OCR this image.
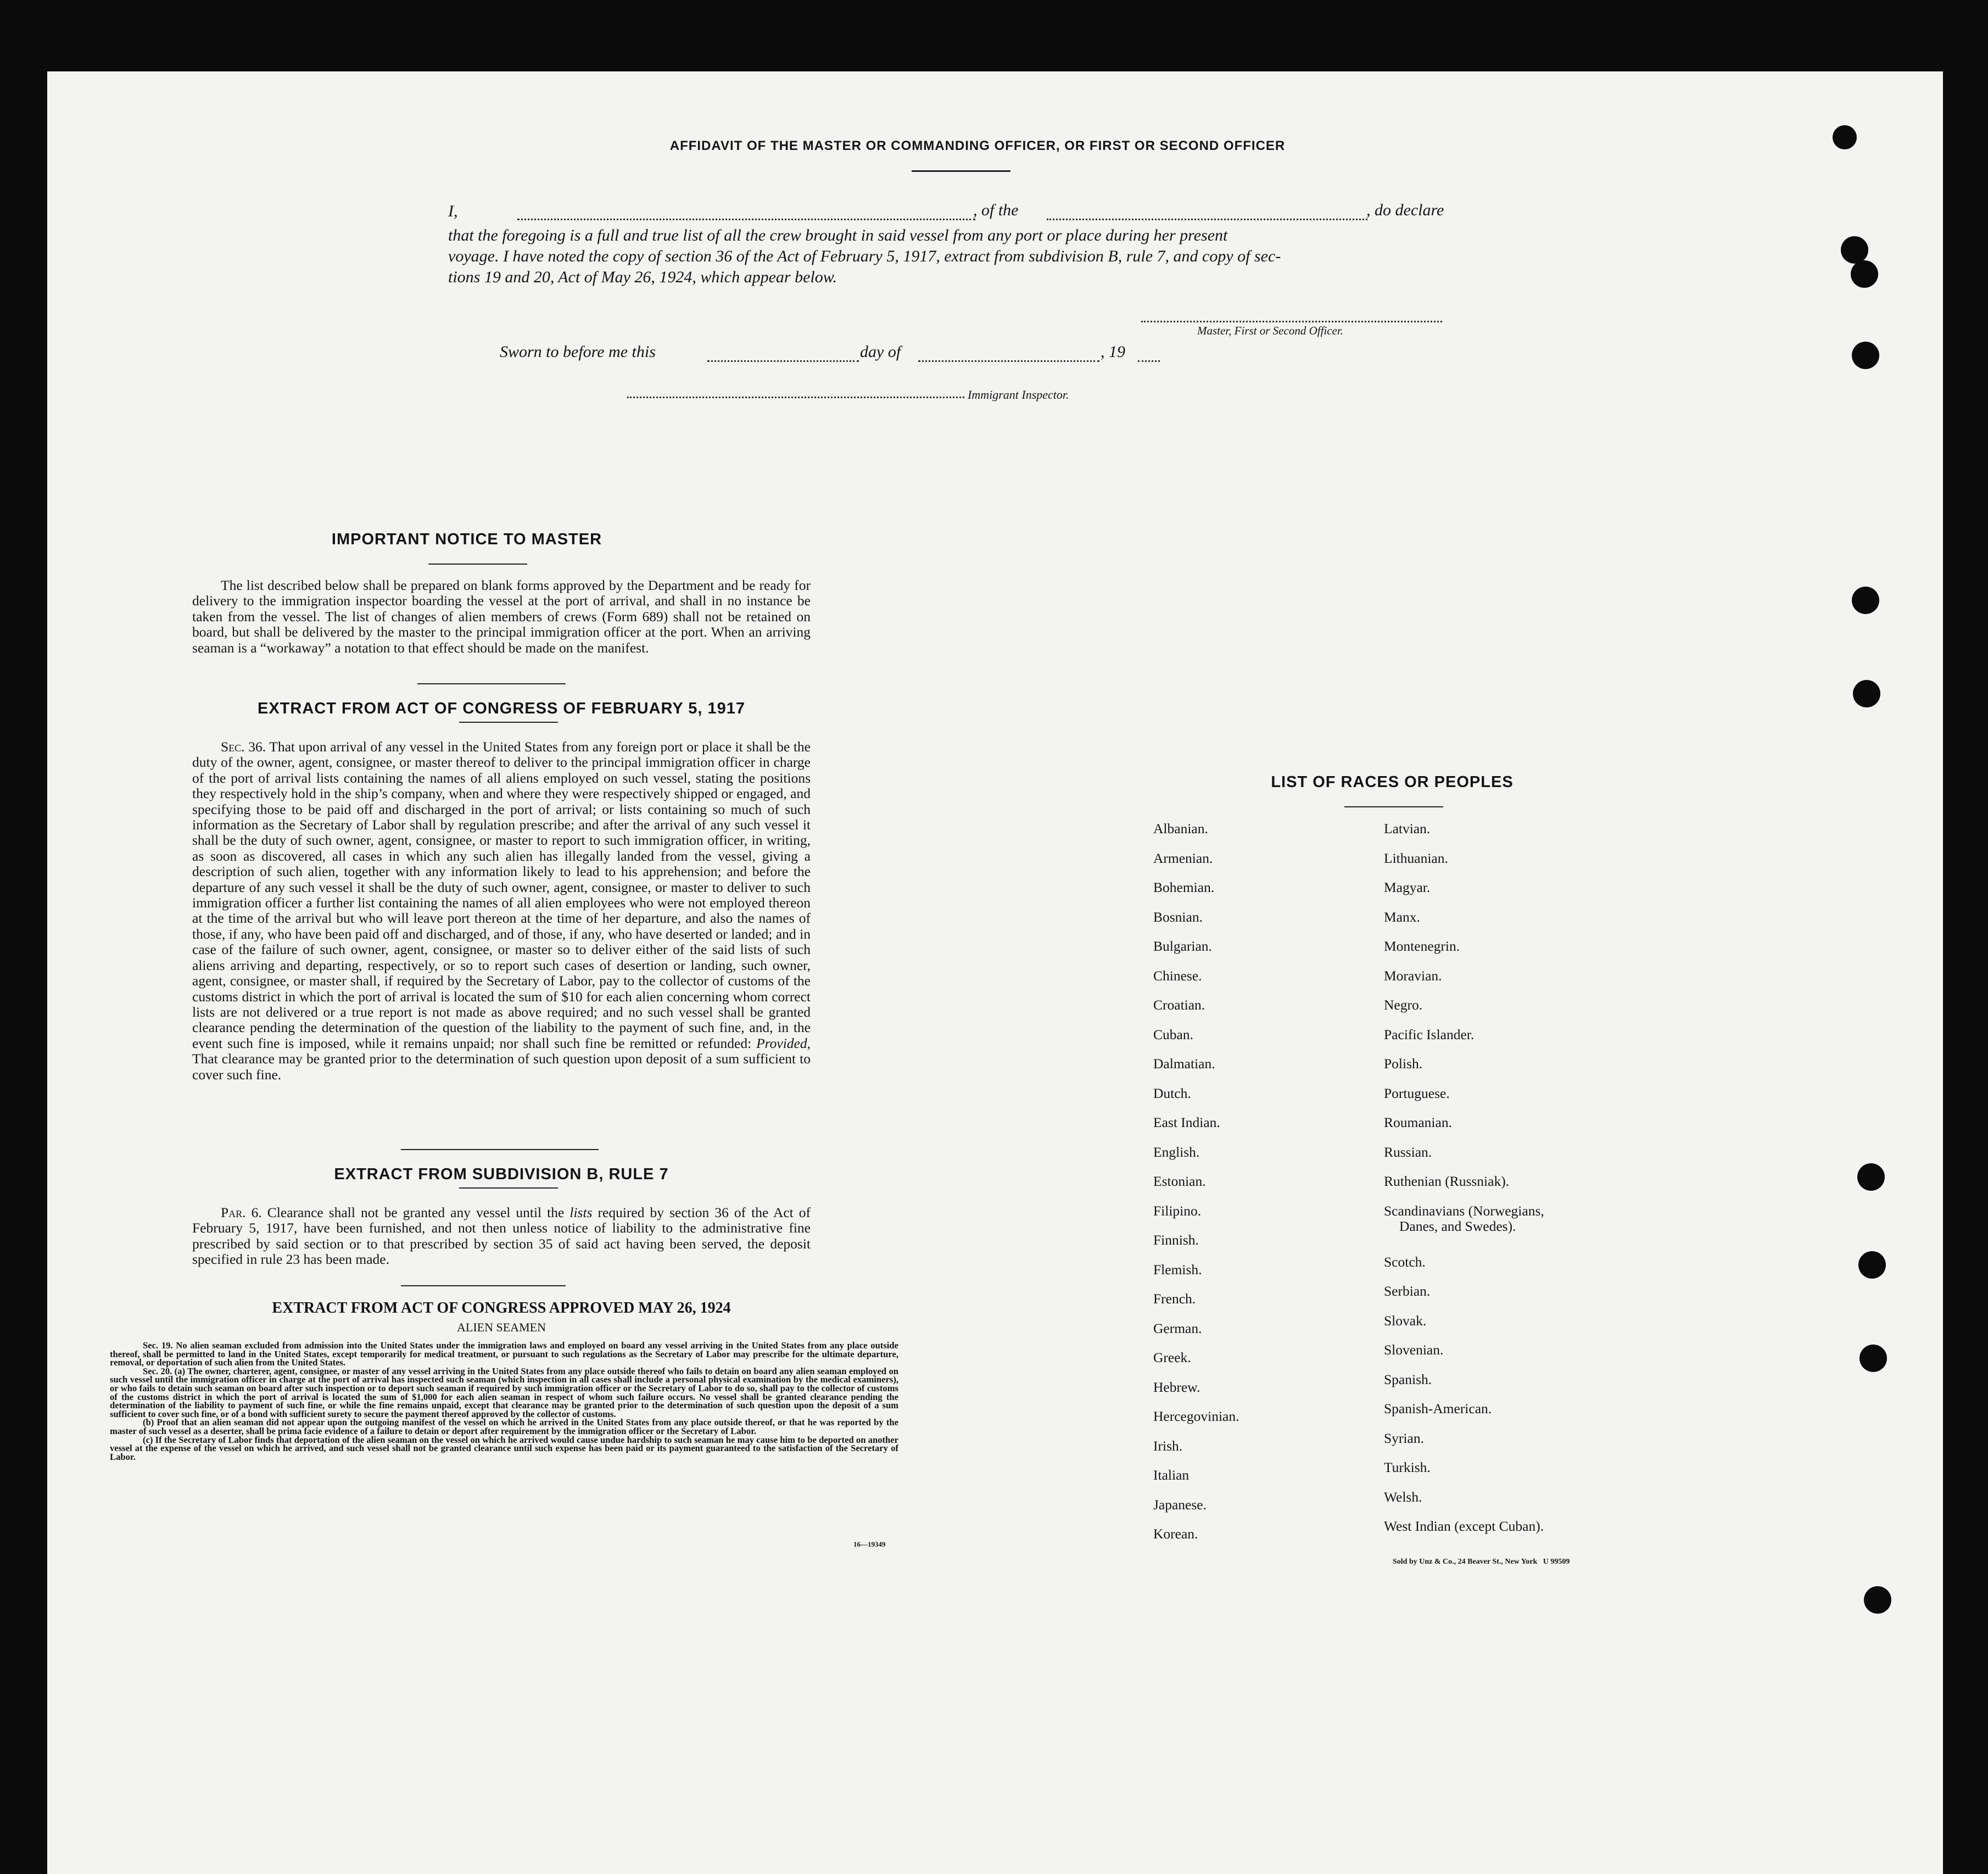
AFFIDAVIT OF THE MASTER OR COMMANDING OFFICER, OR FIRST OR SECOND OFFICER
I,	, of the	, do declare
that the foregoing is a full and true list of all the crew brought in said vessel from any port or place during her present
voyage. I have noted the copy of section 36 of the Act of February 5, 1917, extract from subdivision B, rule 7, and copy of sec-
tions 19 and 20, Act of May 26, 1924, which appear below.
Master, First or Second Officer.
Sworn to before me this	day of	, 19
Immigrant Inspector.
IMPORTANT NOTICE TO MASTER
The list described below shall be prepared on blank forms approved by the Department and be ready for delivery to the immigration inspector boarding the vessel at the port of arrival, and shall in no instance be taken from the vessel. The list of changes of alien members of crews (Form 689) shall not be retained on board, but shall be delivered by the master to the principal immigration officer at the port. When an arriving seaman is a “workaway” a notation to that effect should be made on the manifest.
EXTRACT FROM ACT OF CONGRESS OF FEBRUARY 5, 1917
Sec. 36. That upon arrival of any vessel in the United States from any foreign port or place it shall be the duty of the owner, agent, consignee, or master thereof to deliver to the principal immigration officer in charge of the port of arrival lists containing the names of all aliens employed on such vessel, stating the positions they respectively hold in the ship’s company, when and where they were respectively shipped or engaged, and specifying those to be paid off and discharged in the port of arrival; or lists containing so much of such information as the Secretary of Labor shall by regulation prescribe; and after the arrival of any such vessel it shall be the duty of such owner, agent, consignee, or master to report to such immigration officer, in writing, as soon as discovered, all cases in which any such alien has illegally landed from the vessel, giving a description of such alien, together with any information likely to lead to his apprehension; and before the departure of any such vessel it shall be the duty of such owner, agent, consignee, or master to deliver to such immigration officer a further list containing the names of all alien employees who were not employed thereon at the time of the arrival but who will leave port thereon at the time of her departure, and also the names of those, if any, who have been paid off and discharged, and of those, if any, who have deserted or landed; and in case of the failure of such owner, agent, consignee, or master so to deliver either of the said lists of such aliens arriving and departing, respectively, or so to report such cases of desertion or landing, such owner, agent, consignee, or master shall, if required by the Secretary of Labor, pay to the collector of customs of the customs district in which the port of arrival is located the sum of $10 for each alien concerning whom correct lists are not delivered or a true report is not made as above required; and no such vessel shall be granted clearance pending the determination of the question of the liability to the payment of such fine, and, in the event such fine is imposed, while it remains unpaid; nor shall such fine be remitted or refunded: Provided, That clearance may be granted prior to the determination of such question upon deposit of a sum sufficient to cover such fine.
EXTRACT FROM SUBDIVISION B, RULE 7
Par. 6. Clearance shall not be granted any vessel until the lists required by section 36 of the Act of February 5, 1917, have been furnished, and not then unless notice of liability to the administrative fine prescribed by said section or to that prescribed by section 35 of said act having been served, the deposit specified in rule 23 has been made.
EXTRACT FROM ACT OF CONGRESS APPROVED MAY 26, 1924
ALIEN SEAMEN

Sec. 19. No alien seaman excluded from admission into the United States under the immigration laws and employed on board any vessel arriving in the United States from any place outside thereof, shall be permitted to land in the United States, except temporarily for medical treatment, or pursuant to such regulations as the Secretary of Labor may prescribe for the ultimate departure, removal, or deportation of such alien from the United States.

Sec. 20. (a) The owner, charterer, agent, consignee, or master of any vessel arriving in the United States from any place outside thereof who fails to detain on board any alien seaman employed on such vessel until the immigration officer in charge at the port of arrival has inspected such seaman (which inspection in all cases shall include a personal physical examination by the medical examiners), or who fails to detain such seaman on board after such inspection or to deport such seaman if required by such immigration officer or the Secretary of Labor to do so, shall pay to the collector of customs of the customs district in which the port of arrival is located the sum of $1,000 for each alien seaman in respect of whom such failure occurs. No vessel shall be granted clearance pending the determination of the liability to payment of such fine, or while the fine remains unpaid, except that clearance may be granted prior to the determination of such question upon the deposit of a sum sufficient to cover such fine, or of a bond with sufficient surety to secure the payment thereof approved by the collector of customs.

(b) Proof that an alien seaman did not appear upon the outgoing manifest of the vessel on which he arrived in the United States from any place outside thereof, or that he was reported by the master of such vessel as a deserter, shall be prima facie evidence of a failure to detain or deport after requirement by the immigration officer or the Secretary of Labor.

(c) If the Secretary of Labor finds that deportation of the alien seaman on the vessel on which he arrived would cause undue hardship to such seaman he may cause him to be deported on another vessel at the expense of the vessel on which he arrived, and such vessel shall not be granted clearance until such expense has been paid or its payment guaranteed to the satisfaction of the Secretary of Labor.

16—19349
LIST OF RACES OR PEOPLES
Albanian.
Armenian.
Bohemian.
Bosnian.
Bulgarian.
Chinese.
Croatian.
Cuban.
Dalmatian.
Dutch.
East Indian.
English.
Estonian.
Filipino.
Finnish.
Flemish.
French.
German.
Greek.
Hebrew.
Hercegovinian.
Irish.
Italian
Japanese.
Korean.
Latvian.
Lithuanian.
Magyar.
Manx.
Montenegrin.
Moravian.
Negro.
Pacific Islander.
Polish.
Portuguese.
Roumanian.
Russian.
Ruthenian (Russniak).
Scandinavians (Norwegians,
Danes, and Swedes).
Scotch.
Serbian.
Slovak.
Slovenian.
Spanish.
Spanish-American.
Syrian.
Turkish.
Welsh.
West Indian (except Cuban).
Sold by Unz & Co., 24 Beaver St., New York   U 99509
